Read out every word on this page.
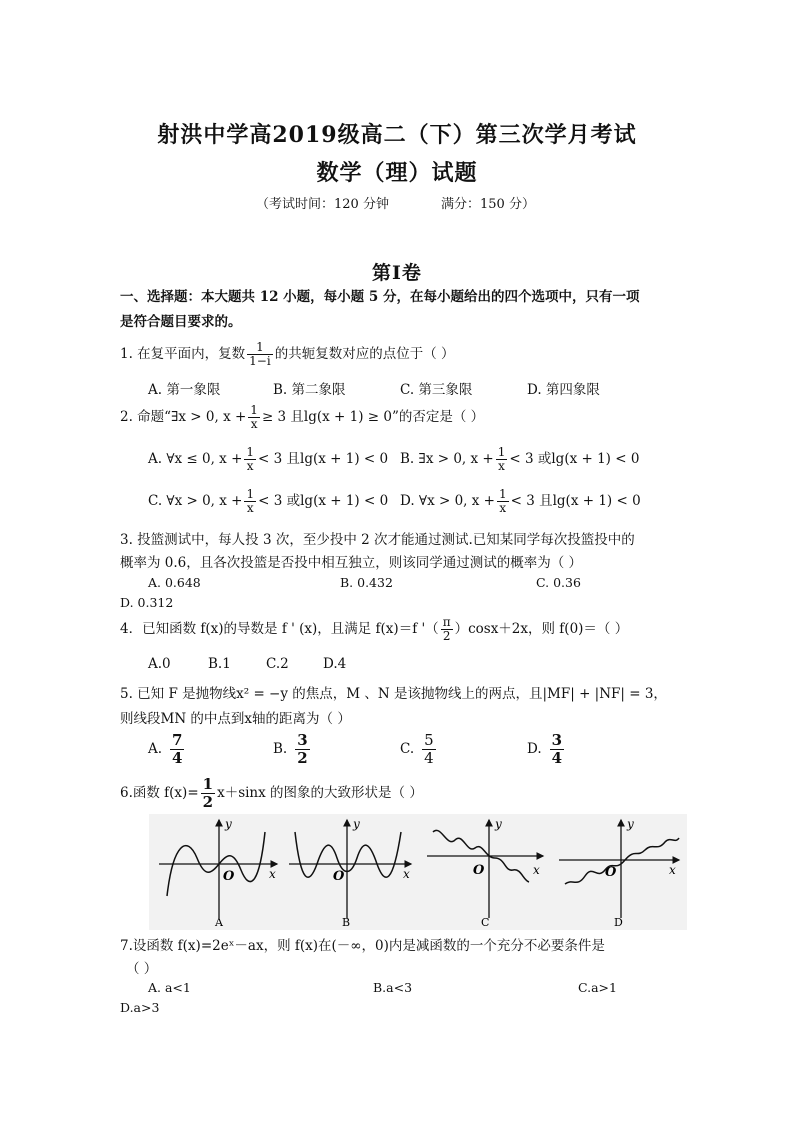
射洪中学高2019级高二（下）第三次学月考试
数学（理）试题
（考试时间：120 分钟	满分：150 分）
第Ⅰ卷
一、选择题：本大题共 12 小题，每小题 5 分，在每小题给出的四个选项中，只有一项
是符合题目要求的。
1. 在复平面内，复数 $\frac{1}{1-i}$ 的共轭复数对应的点位于（ ）
A. 第一象限	B. 第二象限	C. 第三象限	D. 第四象限
2. 命题“∃x > 0, $x + \frac{1}{x} \ge 3$ 且lg(x + 1) ≥ 0”的否定是（ ）
A. ∀x ≤ 0, $x + \frac{1}{x} < 3$ 且lg(x + 1) < 0 B. ∃x > 0, $x + \frac{1}{x} < 3$ 或lg(x + 1) < 0
C. ∀x > 0, $x + \frac{1}{x} < 3$ 或lg(x + 1) < 0 D. ∀x > 0, $x + \frac{1}{x} < 3$ 且lg(x + 1) < 0
3. 投篮测试中，每人投 3 次，至少投中 2 次才能通过测试.已知某同学每次投篮投中的
概率为 0.6，且各次投篮是否投中相互独立，则该同学通过测试的概率为（ ）
A. 0.648	B. 0.432	C. 0.36
D. 0.312
4．已知函数 f(x)的导数是 f ' (x)，且满足 f(x)＝f '（ $\frac{\pi}{2} )\cos x+2x$，则 f(0)＝（ ）
A.0	B.1	C.2	D.4
5. 已知 F 是抛物线x² = −y 的焦点，M 、N 是该抛物线上的两点，且|MF| + |NF| = 3，
则线段MN 的中点到x轴的距离为（ ）
A. $\frac{7}{4}$	B. $\frac{3}{2}$	C. $\frac{5}{4}$	D. $\frac{3}{4}$
6.函数 $f(x)= \frac{1}{2} x+\sin x$ 的图象的大致形状是（ ）
y
x
O
A
y
x
O
B
y
x
O
C
y
x
O
D
7.设函数 f(x)=2eˣ－ax，则 f(x)在(－∞，0)内是减函数的一个充分不必要条件是
（ ）
A. a<1	B.a<3	C.a>1
D.a>3
